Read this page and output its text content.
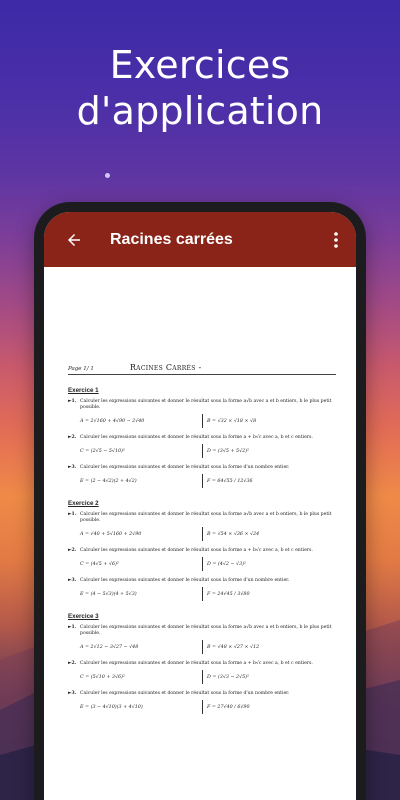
Exercices
d'application
Racines carrées
Page 1/ 1	Racines Carrés -
Exercice 1
►1. Calculer les expressions suivantes et donner le résultat sous la forme a√b avec a et b entiers, b le plus petit possible.
A = 2√160 + 4√90 − 2√40	B = √32 × √18 × √8
►2. Calculer les expressions suivantes et donner le résultat sous la forme a + b√c avec a, b et c entiers.
C = (2√5 − 5√10)²	D = (3√5 + 5√2)²
►3. Calculer les expressions suivantes et donner le résultat sous la forme d'un nombre entier.
E = (2 − 4√2)(2 + 4√2)	F = 64√55 / 12√36
Exercice 2
►1. Calculer les expressions suivantes et donner le résultat sous la forme a√b avec a et b entiers, b le plus petit possible.
A = √40 + 5√160 + 2√90	B = √54 × √36 × √24
►2. Calculer les expressions suivantes et donner le résultat sous la forme a + b√c avec a, b et c entiers.
C = (4√5 + √6)²	D = (4√2 − √3)²
►3. Calculer les expressions suivantes et donner le résultat sous la forme d'un nombre entier.
E = (4 − 5√3)(4 + 5√3)	F = 24√45 / 3√80
Exercice 3
►1. Calculer les expressions suivantes et donner le résultat sous la forme a√b avec a et b entiers, b le plus petit possible.
A = 2√12 − 3√27 − √48	B = √48 × √27 × √12
►2. Calculer les expressions suivantes et donner le résultat sous la forme a + b√c avec a, b et c entiers.
C = (5√10 + 3√6)²	D = (3√3 − 2√5)²
►3. Calculer les expressions suivantes et donner le résultat sous la forme d'un nombre entier.
E = (3 − 4√10)(3 + 4√10)	F = 27√40 / 6√90
